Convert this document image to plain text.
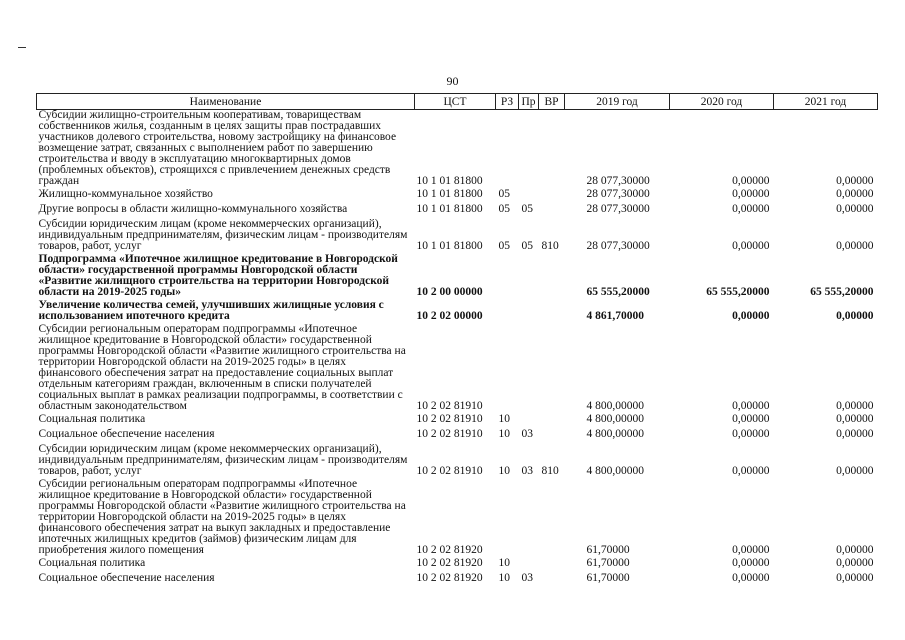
90
Наименование	ЦСТ	РЗ	Пр	ВР	2019 год	2020 год	2021 год
Субсидии жилищно-строительным кооперативам, товариществам собственников жилья, созданным в целях защиты прав пострадавших участников долевого строительства, новому застройщику на финансовое возмещение затрат, связанных с выполнением работ по завершению строительства и вводу в эксплуатацию многоквартирных домов (проблемных объектов), строящихся с привлечением денежных средств граждан	10 1 01 81800				28 077,30000	0,00000	0,00000
Жилищно-коммунальное хозяйство	10 1 01 81800	05			28 077,30000	0,00000	0,00000
Другие вопросы в области жилищно-коммунального хозяйства	10 1 01 81800	05	05		28 077,30000	0,00000	0,00000
Субсидии юридическим лицам (кроме некоммерческих организаций), индивидуальным предпринимателям, физическим лицам - производителям товаров, работ, услуг	10 1 01 81800	05	05	810	28 077,30000	0,00000	0,00000
Подпрограмма «Ипотечное жилищное кредитование в Новгородской области» государственной программы Новгородской области «Развитие жилищного строительства на территории Новгородской области на 2019-2025 годы»	10 2 00 00000				65 555,20000	65 555,20000	65 555,20000
Увеличение количества семей, улучшивших жилищные условия с использованием ипотечного кредита	10 2 02 00000				4 861,70000	0,00000	0,00000
Субсидии региональным операторам подпрограммы «Ипотечное жилищное кредитование в Новгородской области» государственной программы Новгородской области «Развитие жилищного строительства на территории Новгородской области на 2019-2025 годы» в целях финансового обеспечения затрат на предоставление социальных выплат отдельным категориям граждан, включенным в списки получателей социальных выплат в рамках реализации подпрограммы, в соответствии с областным законодательством	10 2 02 81910				4 800,00000	0,00000	0,00000
Социальная политика	10 2 02 81910	10			4 800,00000	0,00000	0,00000
Социальное обеспечение населения	10 2 02 81910	10	03		4 800,00000	0,00000	0,00000
Субсидии юридическим лицам (кроме некоммерческих организаций), индивидуальным предпринимателям, физическим лицам - производителям товаров, работ, услуг	10 2 02 81910	10	03	810	4 800,00000	0,00000	0,00000
Субсидии региональным операторам подпрограммы «Ипотечное жилищное кредитование в Новгородской области» государственной программы Новгородской области «Развитие жилищного строительства на территории Новгородской области на 2019-2025 годы» в целях финансового обеспечения затрат на выкуп закладных и предоставление ипотечных жилищных кредитов (займов) физическим лицам для приобретения жилого помещения	10 2 02 81920				61,70000	0,00000	0,00000
Социальная политика	10 2 02 81920	10			61,70000	0,00000	0,00000
Социальное обеспечение населения	10 2 02 81920	10	03		61,70000	0,00000	0,00000
